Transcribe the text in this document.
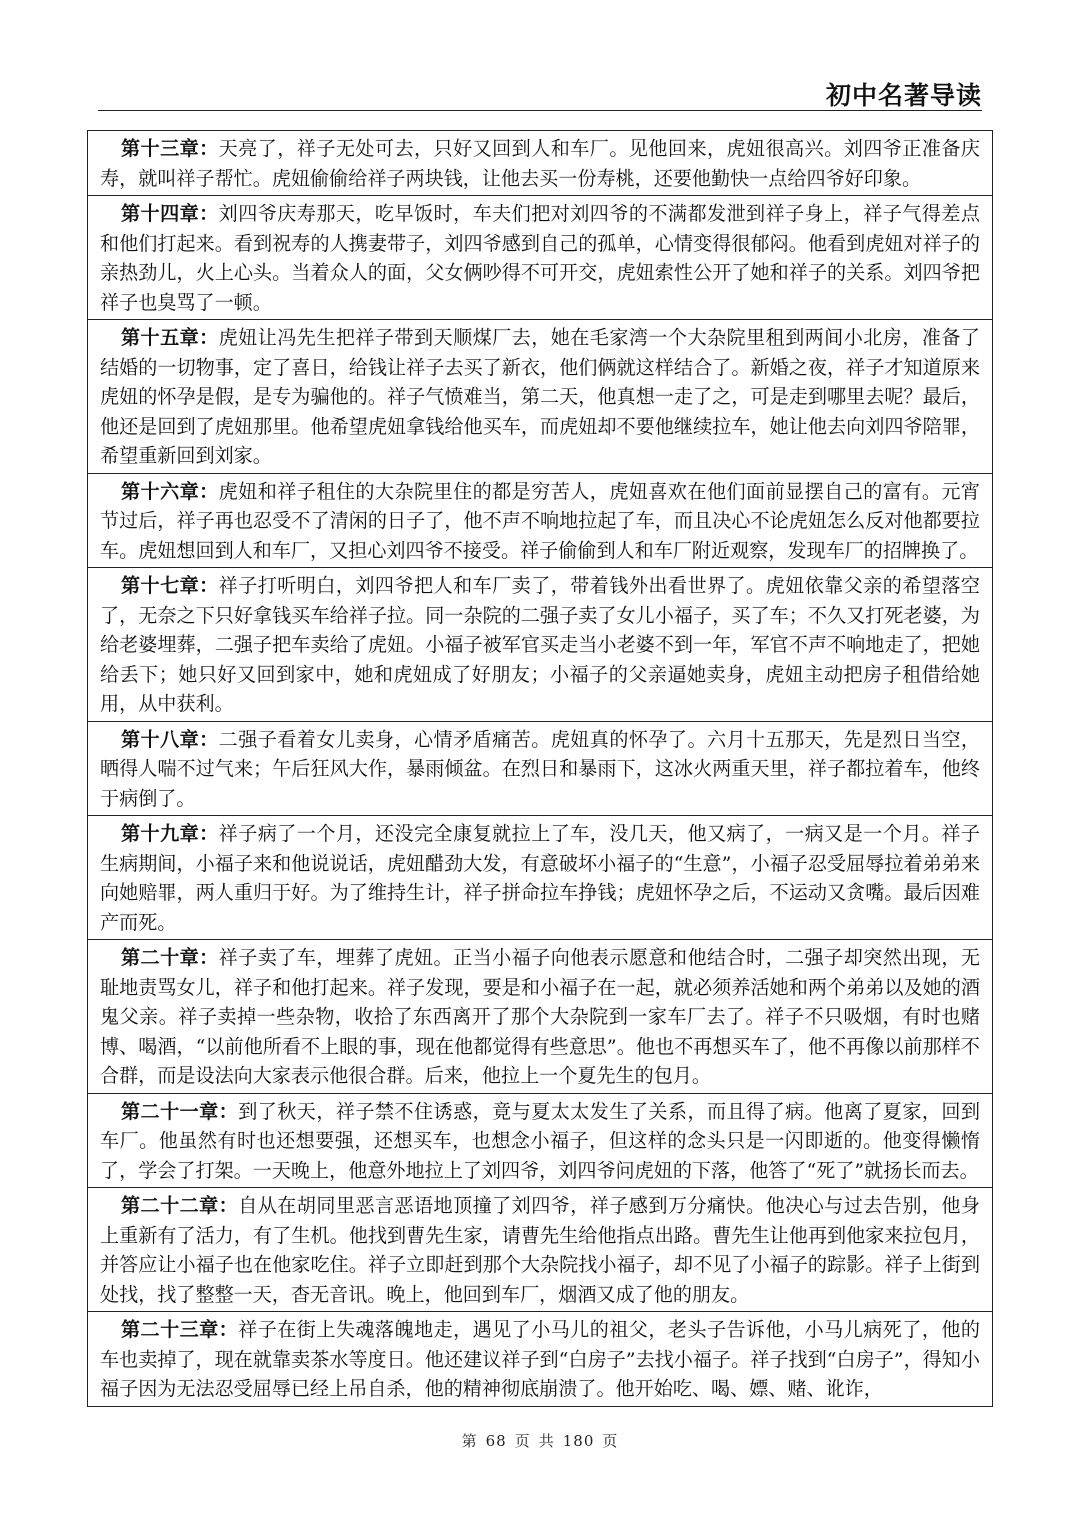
初中名著导读
第十三章：天亮了，祥子无处可去，只好又回到人和车厂。见他回来，虎妞很高兴。刘四爷正准备庆寿，就叫祥子帮忙。虎妞偷偷给祥子两块钱，让他去买一份寿桃，还要他勤快一点给四爷好印象。
第十四章：刘四爷庆寿那天，吃早饭时，车夫们把对刘四爷的不满都发泄到祥子身上，祥子气得差点和他们打起来。看到祝寿的人携妻带子，刘四爷感到自己的孤单，心情变得很郁闷。他看到虎妞对祥子的亲热劲儿，火上心头。当着众人的面，父女俩吵得不可开交，虎妞索性公开了她和祥子的关系。刘四爷把祥子也臭骂了一顿。
第十五章：虎妞让冯先生把祥子带到天顺煤厂去，她在毛家湾一个大杂院里租到两间小北房，准备了结婚的一切物事，定了喜日，给钱让祥子去买了新衣，他们俩就这样结合了。新婚之夜，祥子才知道原来虎妞的怀孕是假，是专为骗他的。祥子气愤难当，第二天，他真想一走了之，可是走到哪里去呢？最后，他还是回到了虎妞那里。他希望虎妞拿钱给他买车，而虎妞却不要他继续拉车，她让他去向刘四爷陪罪，希望重新回到刘家。
第十六章：虎妞和祥子租住的大杂院里住的都是穷苦人，虎妞喜欢在他们面前显摆自己的富有。元宵节过后，祥子再也忍受不了清闲的日子了，他不声不响地拉起了车，而且决心不论虎妞怎么反对他都要拉车。虎妞想回到人和车厂，又担心刘四爷不接受。祥子偷偷到人和车厂附近观察，发现车厂的招牌换了。
第十七章：祥子打听明白，刘四爷把人和车厂卖了，带着钱外出看世界了。虎妞依靠父亲的希望落空了，无奈之下只好拿钱买车给祥子拉。同一杂院的二强子卖了女儿小福子，买了车；不久又打死老婆，为给老婆埋葬，二强子把车卖给了虎妞。小福子被军官买走当小老婆不到一年，军官不声不响地走了，把她给丢下；她只好又回到家中，她和虎妞成了好朋友；小福子的父亲逼她卖身，虎妞主动把房子租借给她用，从中获利。
第十八章：二强子看着女儿卖身，心情矛盾痛苦。虎妞真的怀孕了。六月十五那天，先是烈日当空，晒得人喘不过气来；午后狂风大作，暴雨倾盆。在烈日和暴雨下，这冰火两重天里，祥子都拉着车，他终于病倒了。
第十九章：祥子病了一个月，还没完全康复就拉上了车，没几天，他又病了，一病又是一个月。祥子生病期间，小福子来和他说说话，虎妞醋劲大发，有意破坏小福子的“生意”，小福子忍受屈辱拉着弟弟来向她赔罪，两人重归于好。为了维持生计，祥子拼命拉车挣钱；虎妞怀孕之后，不运动又贪嘴。最后因难产而死。
第二十章：祥子卖了车，埋葬了虎妞。正当小福子向他表示愿意和他结合时，二强子却突然出现，无耻地责骂女儿，祥子和他打起来。祥子发现，要是和小福子在一起，就必须养活她和两个弟弟以及她的酒鬼父亲。祥子卖掉一些杂物，收拾了东西离开了那个大杂院到一家车厂去了。祥子不只吸烟，有时也赌博、喝酒，“以前他所看不上眼的事，现在他都觉得有些意思”。他也不再想买车了，他不再像以前那样不合群，而是设法向大家表示他很合群。后来，他拉上一个夏先生的包月。
第二十一章：到了秋天，祥子禁不住诱惑，竟与夏太太发生了关系，而且得了病。他离了夏家，回到车厂。他虽然有时也还想要强，还想买车，也想念小福子，但这样的念头只是一闪即逝的。他变得懒惰了，学会了打架。一天晚上，他意外地拉上了刘四爷，刘四爷问虎妞的下落，他答了“死了”就扬长而去。
第二十二章：自从在胡同里恶言恶语地顶撞了刘四爷，祥子感到万分痛快。他决心与过去告别，他身上重新有了活力，有了生机。他找到曹先生家，请曹先生给他指点出路。曹先生让他再到他家来拉包月，并答应让小福子也在他家吃住。祥子立即赶到那个大杂院找小福子，却不见了小福子的踪影。祥子上街到处找，找了整整一天，杳无音讯。晚上，他回到车厂，烟酒又成了他的朋友。
第二十三章：祥子在街上失魂落魄地走，遇见了小马儿的祖父，老头子告诉他，小马儿病死了，他的车也卖掉了，现在就靠卖茶水等度日。他还建议祥子到“白房子”去找小福子。祥子找到“白房子”，得知小福子因为无法忍受屈辱已经上吊自杀，他的精神彻底崩溃了。他开始吃、喝、嫖、赌、讹诈，
第 68 页 共 180 页
